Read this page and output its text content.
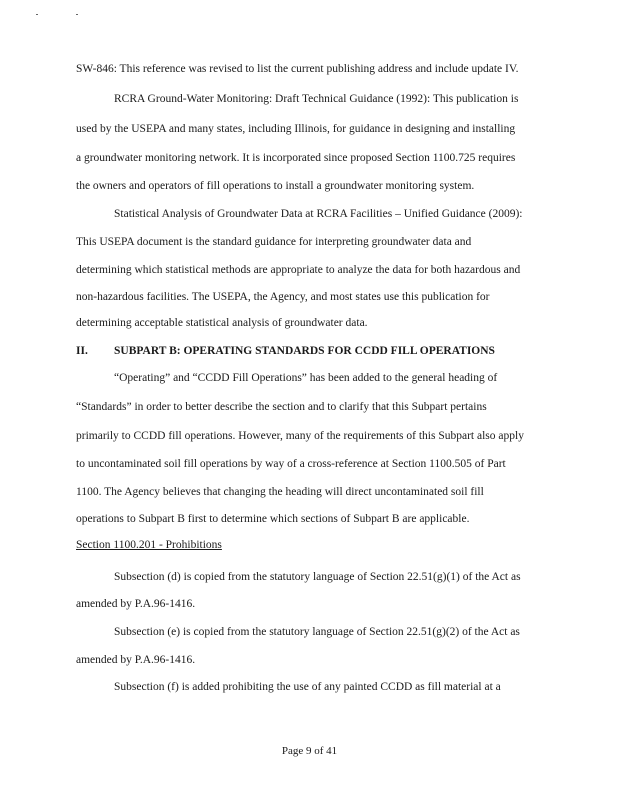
SW-846: This reference was revised to list the current publishing address and include update IV.
RCRA Ground-Water Monitoring: Draft Technical Guidance (1992): This publication is
used by the USEPA and many states, including Illinois, for guidance in designing and installing
a groundwater monitoring network. It is incorporated since proposed Section 1100.725 requires
the owners and operators of fill operations to install a groundwater monitoring system.
Statistical Analysis of Groundwater Data at RCRA Facilities – Unified Guidance (2009):
This USEPA document is the standard guidance for interpreting groundwater data and
determining which statistical methods are appropriate to analyze the data for both hazardous and
non-hazardous facilities. The USEPA, the Agency, and most states use this publication for
determining acceptable statistical analysis of groundwater data.
II. SUBPART B: OPERATING STANDARDS FOR CCDD FILL OPERATIONS
“Operating” and “CCDD Fill Operations” has been added to the general heading of
“Standards” in order to better describe the section and to clarify that this Subpart pertains
primarily to CCDD fill operations. However, many of the requirements of this Subpart also apply
to uncontaminated soil fill operations by way of a cross-reference at Section 1100.505 of Part
1100. The Agency believes that changing the heading will direct uncontaminated soil fill
operations to Subpart B first to determine which sections of Subpart B are applicable.
Section 1100.201 - Prohibitions
Subsection (d) is copied from the statutory language of Section 22.51(g)(1) of the Act as
amended by P.A.96-1416.
Subsection (e) is copied from the statutory language of Section 22.51(g)(2) of the Act as
amended by P.A.96-1416.
Subsection (f) is added prohibiting the use of any painted CCDD as fill material at a
Page 9 of 41
